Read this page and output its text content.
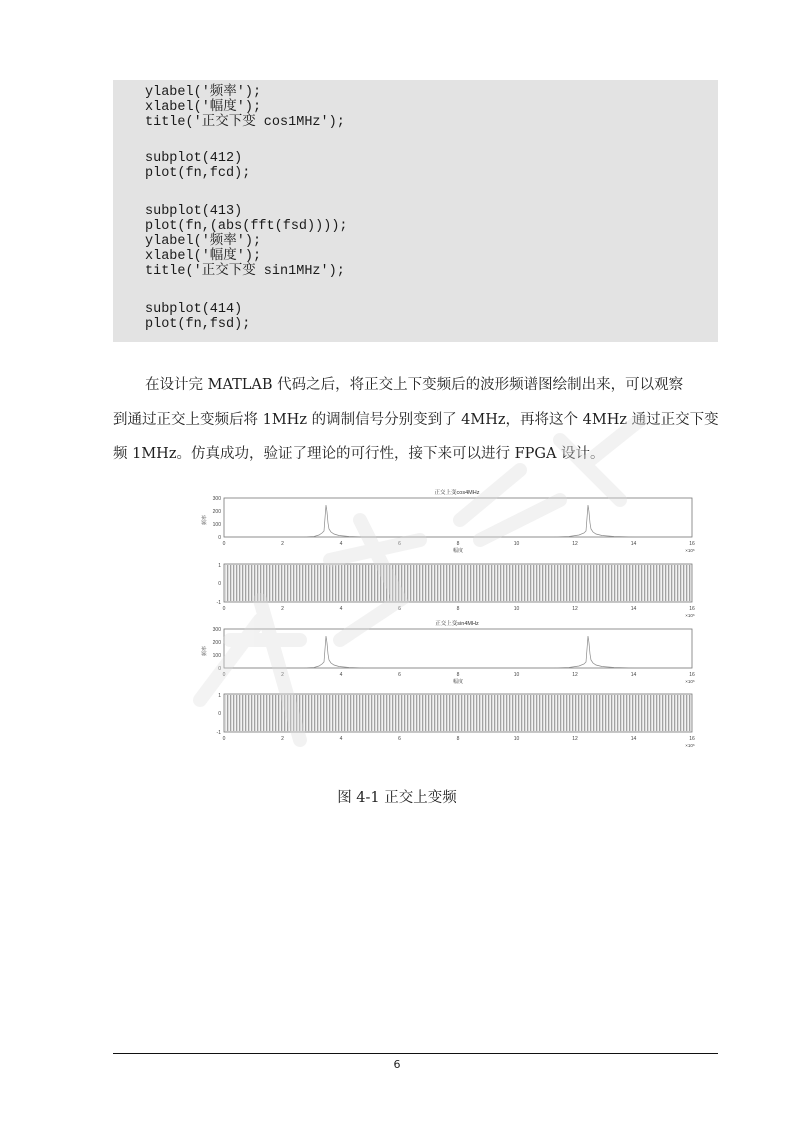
ylabel('频率');
xlabel('幅度');
title('正交下变 cos1MHz');
subplot(412)
plot(fn,fcd);
subplot(413)
plot(fn,(abs(fft(fsd))));
ylabel('频率');
xlabel('幅度');
title('正交下变 sin1MHz');
subplot(414)
plot(fn,fsd);
在设计完 MATLAB 代码之后，将正交上下变频后的波形频谱图绘制出来，可以观察
到通过正交上变频后将 1MHz 的调制信号分别变到了 4MHz，再将这个 4MHz 通过正交下变
频 1MHz。仿真成功，验证了理论的可行性，接下来可以进行 FPGA 设计。
正交上变cos4MHz
300
200
100
0
频率
0	2	4	6	8	10	12	14	16
幅度	×10⁶
1
0
-1
0	2	4	6	8	10	12	14	16
×10⁶
正交上变sin4MHz
300
200
100
0
频率
0	2	4	6	8	10	12	14	16
幅度	×10⁶
1
0
-1
0	2	4	6	8	10	12	14	16
×10⁶
图 4-1 正交上变频
6
